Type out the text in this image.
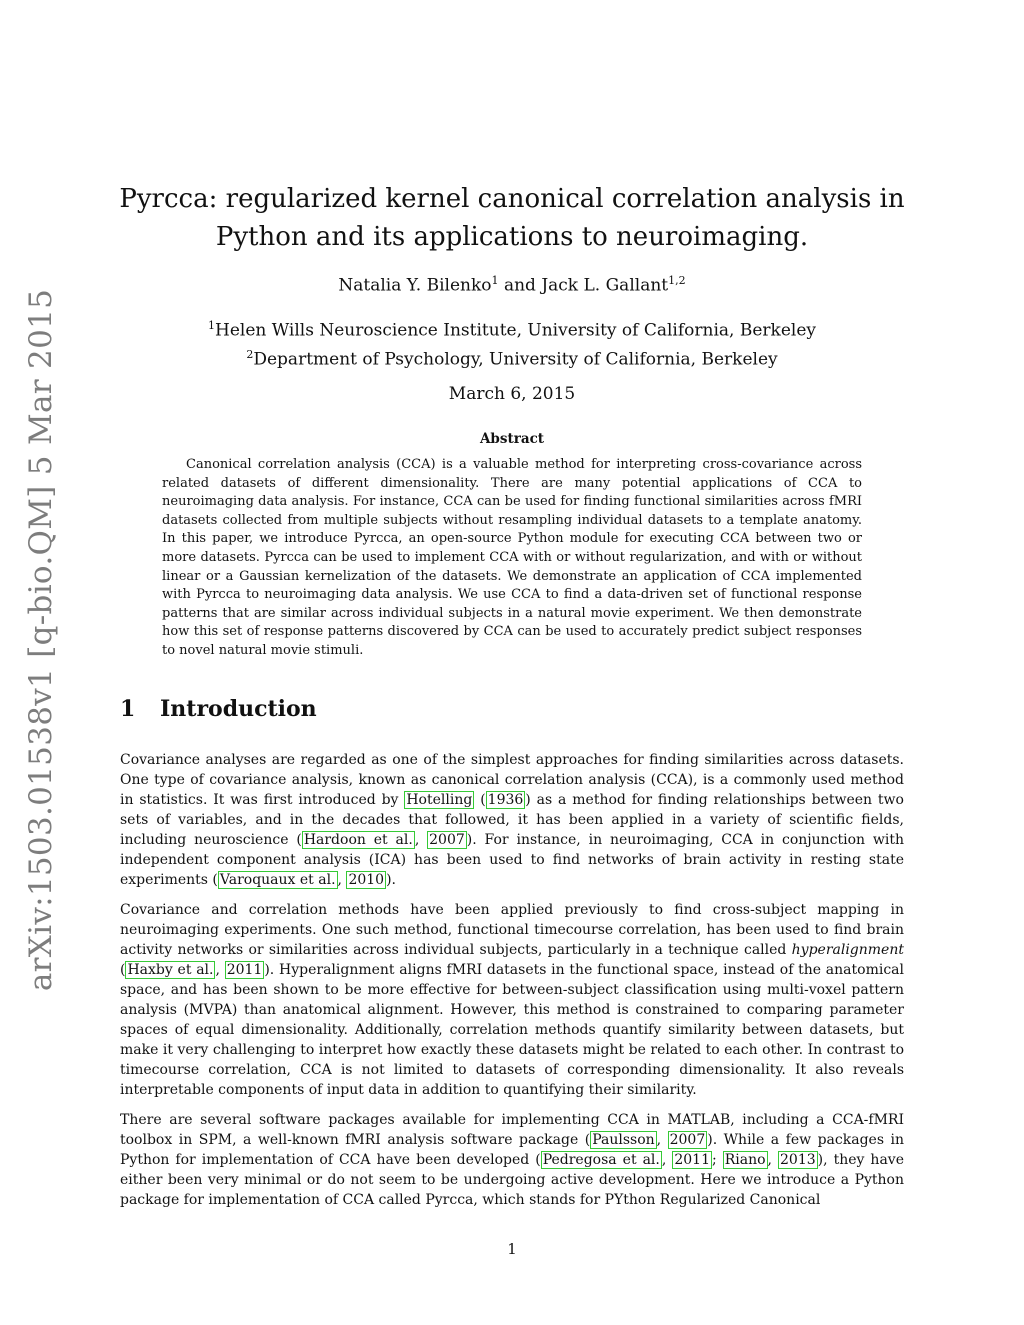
arXiv:1503.01538v1 [q-bio.QM] 5 Mar 2015
Pyrcca: regularized kernel canonical correlation analysis in Python and its applications to neuroimaging.
Natalia Y. Bilenko$^1$ and Jack L. Gallant$^{1,2}$
$^1$Helen Wills Neuroscience Institute, University of California, Berkeley
$^2$Department of Psychology, University of California, Berkeley
March 6, 2015
Abstract

Canonical correlation analysis (CCA) is a valuable method for interpreting cross-covariance across related datasets of different dimensionality. There are many potential applications of CCA to neuroimaging data analysis. For instance, CCA can be used for finding functional similarities across fMRI datasets collected from multiple subjects without resampling individual datasets to a template anatomy. In this paper, we introduce Pyrcca, an open-source Python module for executing CCA between two or more datasets. Pyrcca can be used to implement CCA with or without regularization, and with or without linear or a Gaussian kernelization of the datasets. We demonstrate an application of CCA implemented with Pyrcca to neuroimaging data analysis. We use CCA to find a data-driven set of functional response patterns that are similar across individual subjects in a natural movie experiment. We then demonstrate how this set of response patterns discovered by CCA can be used to accurately predict subject responses to novel natural movie stimuli.

1 Introduction

Covariance analyses are regarded as one of the simplest approaches for finding similarities across datasets. One type of covariance analysis, known as canonical correlation analysis (CCA), is a commonly used method in statistics. It was first introduced by Hotelling ( 1936 ) as a method for finding relationships between two sets of variables, and in the decades that followed, it has been applied in a variety of scientific fields, including neuroscience ( Hardoon et al. , 2007 ). For instance, in neuroimaging, CCA in conjunction with independent component analysis (ICA) has been used to find networks of brain activity in resting state experiments ( Varoquaux et al. , 2010 ).

Covariance and correlation methods have been applied previously to find cross-subject mapping in neuroimaging experiments. One such method, functional timecourse correlation, has been used to find brain activity networks or similarities across individual subjects, particularly in a technique called hyperalignment ( Haxby et al. , 2011 ). Hyperalignment aligns fMRI datasets in the functional space, instead of the anatomical space, and has been shown to be more effective for between-subject classification using multi-voxel pattern analysis (MVPA) than anatomical alignment. However, this method is constrained to comparing parameter spaces of equal dimensionality. Additionally, correlation methods quantify similarity between datasets, but make it very challenging to interpret how exactly these datasets might be related to each other. In contrast to timecourse correlation, CCA is not limited to datasets of corresponding dimensionality. It also reveals interpretable components of input data in addition to quantifying their similarity.

There are several software packages available for implementing CCA in MATLAB, including a CCA-fMRI toolbox in SPM, a well-known fMRI analysis software package ( Paulsson , 2007 ). While a few packages in Python for implementation of CCA have been developed ( Pedregosa et al. , 2011 ; Riano , 2013 ), they have either been very minimal or do not seem to be undergoing active development. Here we introduce a Python package for implementation of CCA called Pyrcca, which stands for PYthon Regularized Canonical

1
